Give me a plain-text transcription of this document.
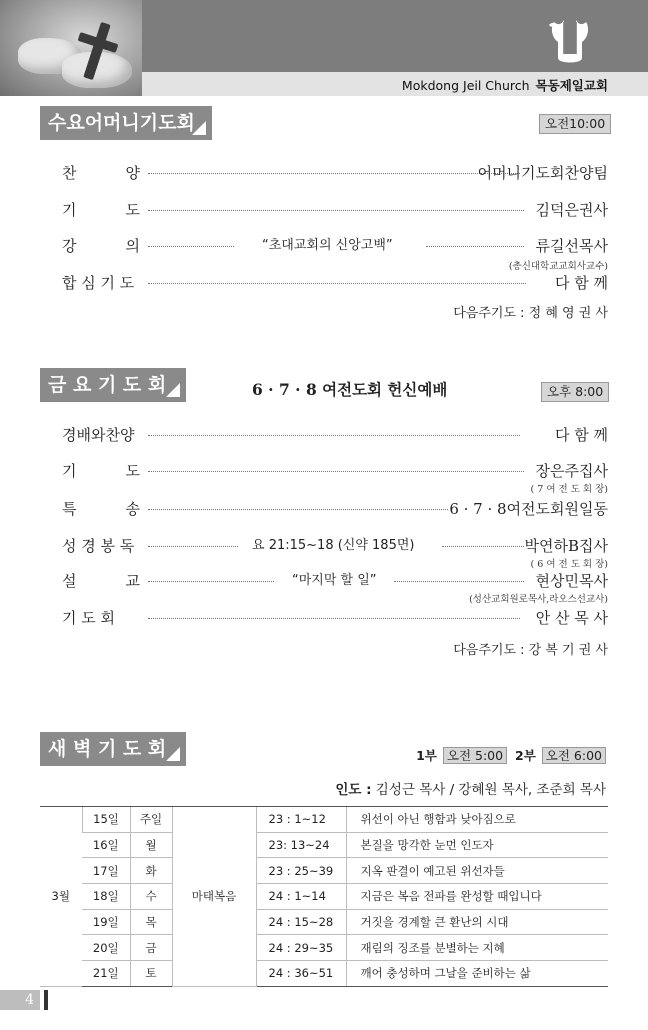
Mokdong Jeil Church 목동제일교회
수요어머니기도회	오전10:00
찬	양	어머니기도회찬양팀
기	도	김덕은권사
강	의	“초대교회의 신앙고백”	류길선목사
(총신대학교교회사교수)
합 심 기 도	다 함 께
다음주기도 : 정 혜 영 권 사
금 요 기 도 회	6 · 7 · 8 여전도회 헌신예배	오후 8:00
경배와찬양	다 함 께
기	도	장은주집사
( 7 여 전 도 회 장)
특	송	6 · 7 · 8여전도회원일동
성 경 봉 독	요 21:15~18 (신약 185면)	박연하B집사
( 6 여 전 도 회 장)
설	교	“마지막 할 일”	현상민목사
(성산교회원로목사,라오스선교사)
기 도 회	안 산 목 사
다음주기도 : 강 복 기 권 사
새 벽 기 도 회	1부 오전 5:00 2부 오전 6:00
인도 : 김성근 목사 / 강혜원 목사, 조준희 목사
3월	15일	주일	마태복음	23 : 1~12	위선이 아닌 행함과 낮아짐으로
	16일	월		23: 13~24	본질을 망각한 눈먼 인도자
	17일	화		23 : 25~39	지옥 판결이 예고된 위선자들
	18일	수		24 : 1~14	지금은 복음 전파를 완성할 때입니다
	19일	목		24 : 15~28	거짓을 경계할 큰 환난의 시대
	20일	금		24 : 29~35	재림의 징조를 분별하는 지혜
	21일	토		24 : 36~51	깨어 충성하며 그날을 준비하는 삶
4
